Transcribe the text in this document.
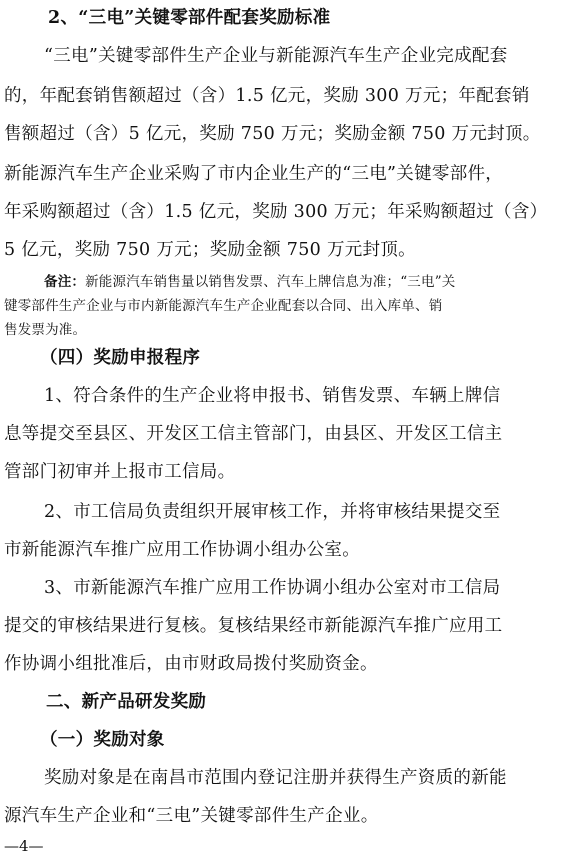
2、“三电”关键零部件配套奖励标准
“三电”关键零部件生产企业与新能源汽车生产企业完成配套
的，年配套销售额超过（含）1.5 亿元，奖励 300 万元；年配套销
售额超过（含）5 亿元，奖励 750 万元；奖励金额 750 万元封顶。
新能源汽车生产企业采购了市内企业生产的“三电”关键零部件，
年采购额超过（含）1.5 亿元，奖励 300 万元；年采购额超过（含）
5 亿元，奖励 750 万元；奖励金额 750 万元封顶。
备注：新能源汽车销售量以销售发票、汽车上牌信息为准；“三电”关
键零部件生产企业与市内新能源汽车生产企业配套以合同、出入库单、销
售发票为准。
（四）奖励申报程序
1、符合条件的生产企业将申报书、销售发票、车辆上牌信
息等提交至县区、开发区工信主管部门，由县区、开发区工信主
管部门初审并上报市工信局。
2、市工信局负责组织开展审核工作，并将审核结果提交至
市新能源汽车推广应用工作协调小组办公室。
3、市新能源汽车推广应用工作协调小组办公室对市工信局
提交的审核结果进行复核。复核结果经市新能源汽车推广应用工
作协调小组批准后，由市财政局拨付奖励资金。
二、新产品研发奖励
（一）奖励对象
奖励对象是在南昌市范围内登记注册并获得生产资质的新能
源汽车生产企业和“三电”关键零部件生产企业。
—4—
